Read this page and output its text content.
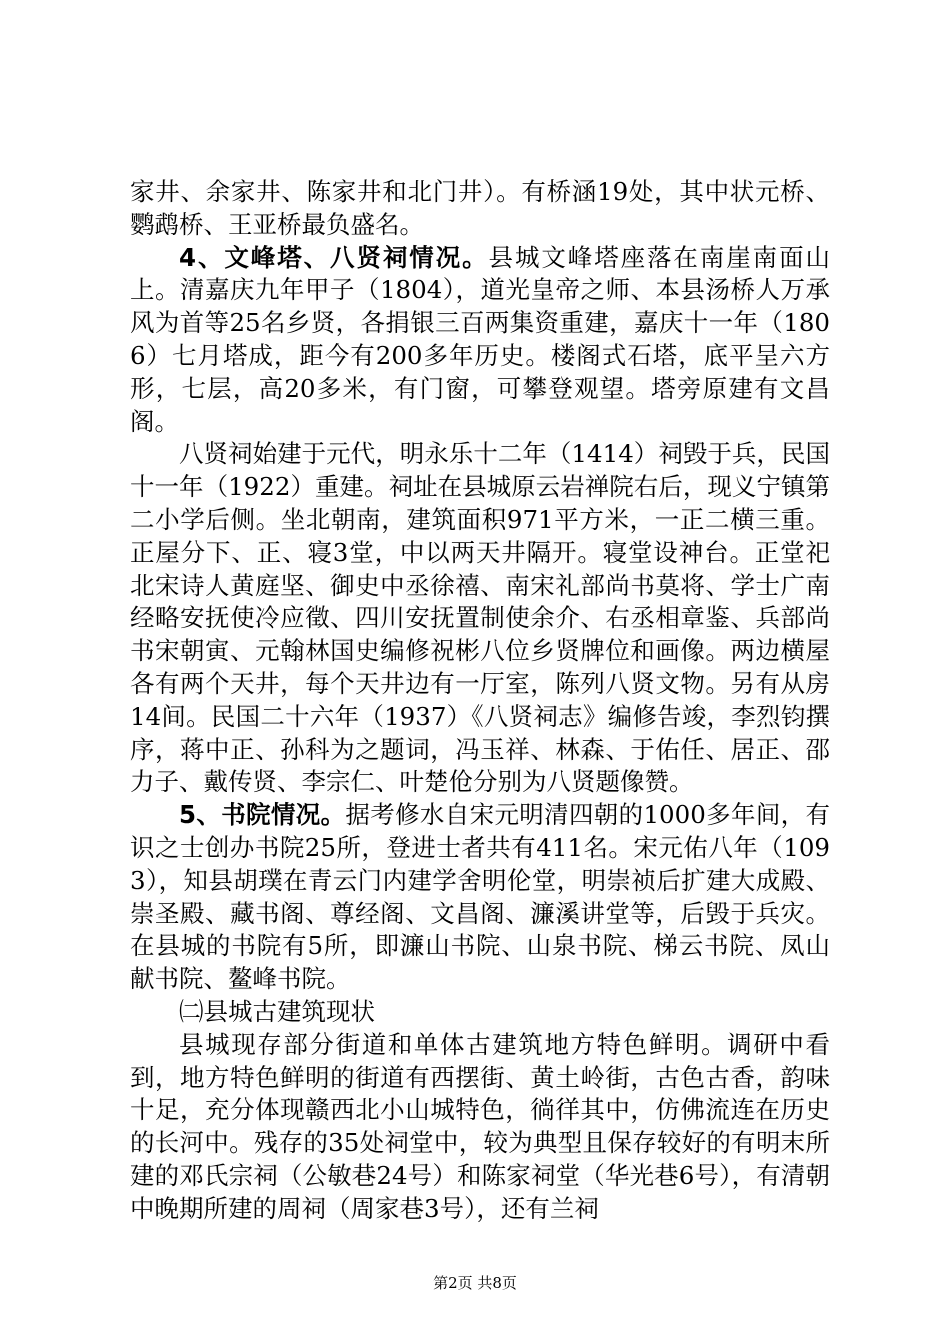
家井、余家井、陈家井和北门井）。有桥涵19处，其中状元桥、鹦鹉桥、王亚桥最负盛名。

4、文峰塔、八贤祠情况。县城文峰塔座落在南崖南面山上。清嘉庆九年甲子（1804），道光皇帝之师、本县汤桥人万承风为首等25名乡贤，各捐银三百两集资重建，嘉庆十一年（1806）七月塔成，距今有200多年历史。楼阁式石塔，底平呈六方形，七层，高20多米，有门窗，可攀登观望。塔旁原建有文昌阁。

八贤祠始建于元代，明永乐十二年（1414）祠毁于兵，民国十一年（1922）重建。祠址在县城原云岩禅院右后，现义宁镇第二小学后侧。坐北朝南，建筑面积971平方米，一正二横三重。正屋分下、正、寝3堂，中以两天井隔开。寝堂设神台。正堂祀北宋诗人黄庭坚、御史中丞徐禧、南宋礼部尚书莫将、学士广南经略安抚使冷应徵、四川安抚置制使余介、右丞相章鉴、兵部尚书宋朝寅、元翰林国史编修祝彬八位乡贤牌位和画像。两边横屋各有两个天井，每个天井边有一厅室，陈列八贤文物。另有从房14间。民国二十六年（1937）《八贤祠志》编修告竣，李烈钧撰序，蒋中正、孙科为之题词，冯玉祥、林森、于佑任、居正、邵力子、戴传贤、李宗仁、叶楚伧分别为八贤题像赞。

5、书院情况。据考修水自宋元明清四朝的1000多年间，有识之士创办书院25所，登进士者共有411名。宋元佑八年（1093），知县胡璞在青云门内建学舍明伦堂，明崇祯后扩建大成殿、崇圣殿、藏书阁、尊经阁、文昌阁、濂溪讲堂等，后毁于兵灾。在县城的书院有5所，即濂山书院、山泉书院、梯云书院、凤山献书院、鳌峰书院。

㈡县城古建筑现状

县城现存部分街道和单体古建筑地方特色鲜明。调研中看到，地方特色鲜明的街道有西摆街、黄土岭街，古色古香，韵味十足，充分体现赣西北小山城特色，徜徉其中，仿佛流连在历史的长河中。残存的35处祠堂中，较为典型且保存较好的有明末所建的邓氏宗祠（公敏巷24号）和陈家祠堂（华光巷6号），有清朝中晚期所建的周祠（周家巷3号），还有兰祠

第2页 共8页
